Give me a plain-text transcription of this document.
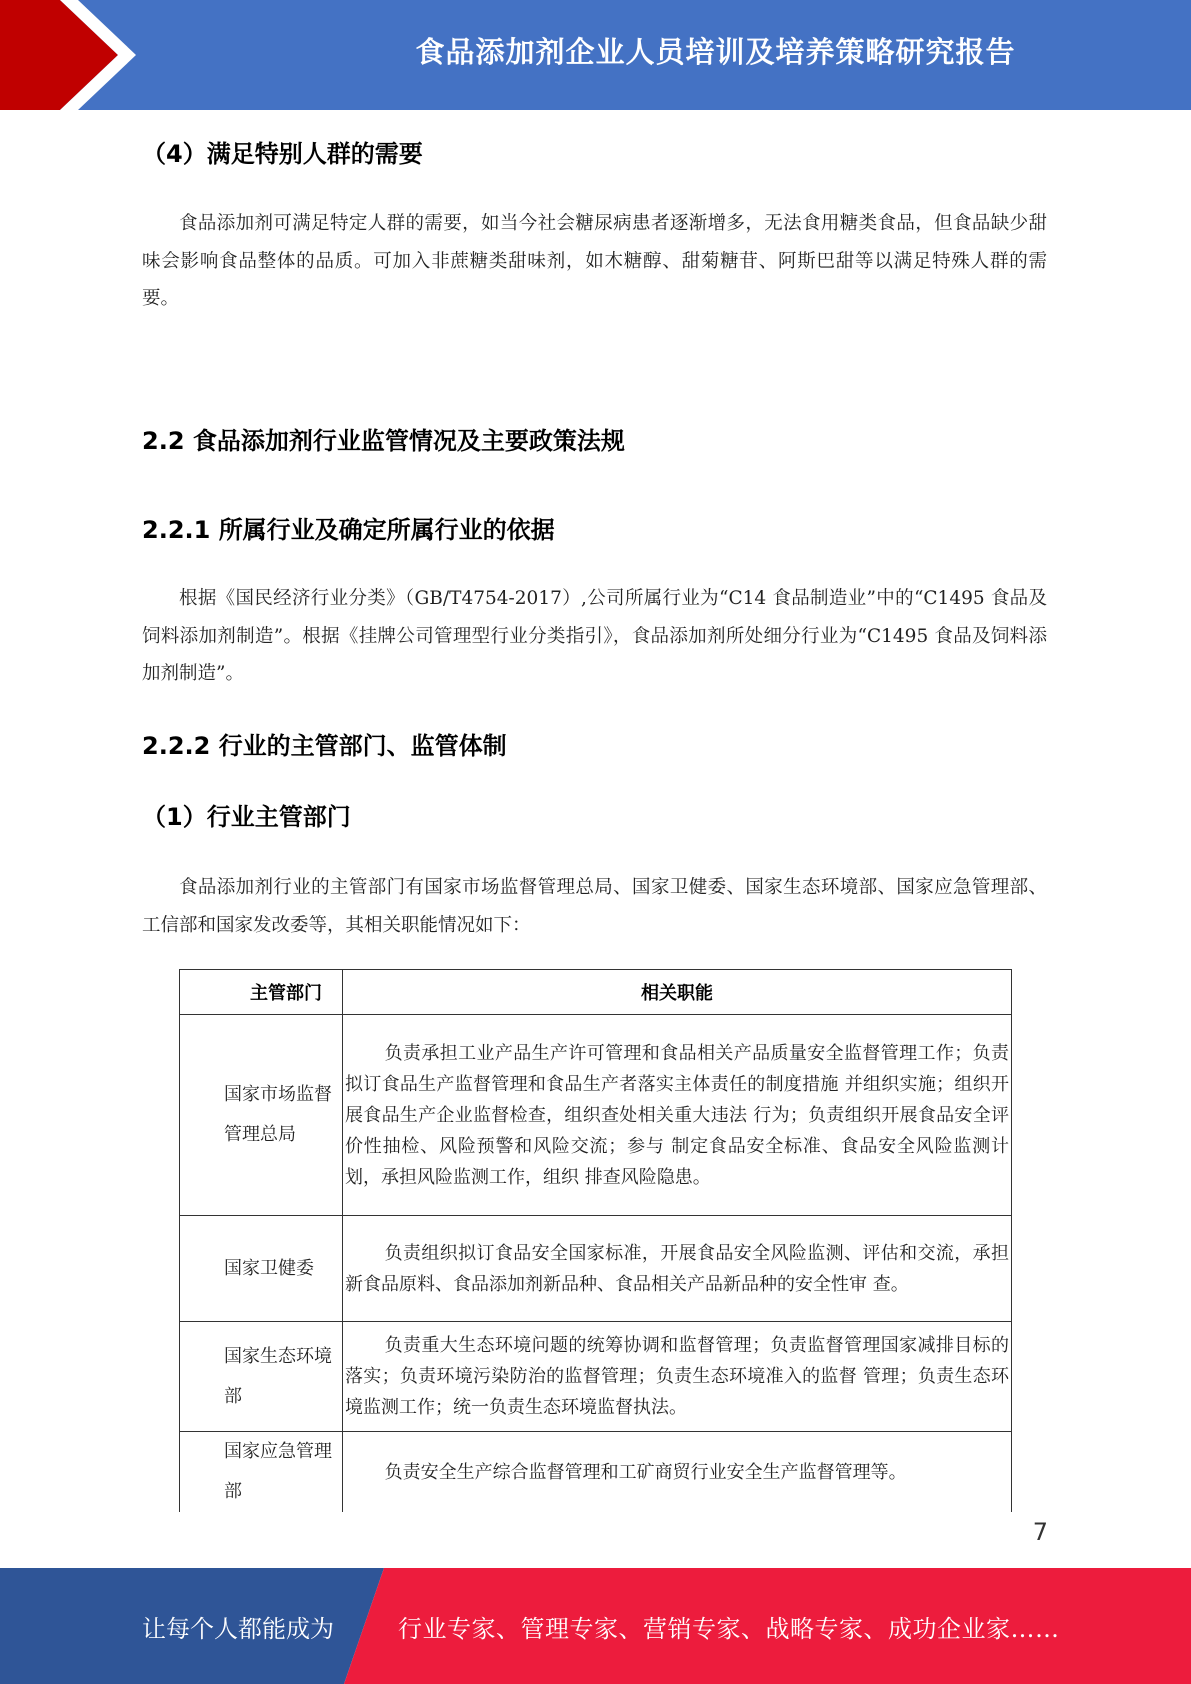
食品添加剂企业人员培训及培养策略研究报告
（4）满足特别人群的需要
食品添加剂可满足特定人群的需要，如当今社会糖尿病患者逐渐增多，无法食用糖类食品，但食品缺少甜味会影响食品整体的品质。可加入非蔗糖类甜味剂，如木糖醇、甜菊糖苷、阿斯巴甜等以满足特殊人群的需要。
2.2 食品添加剂行业监管情况及主要政策法规
2.2.1 所属行业及确定所属行业的依据
根据《国民经济行业分类》（GB/T4754-2017）,公司所属行业为“C14 食品制造业”中的“C1495 食品及饲料添加剂制造”。根据《挂牌公司管理型行业分类指引》，食品添加剂所处细分行业为“C1495 食品及饲料添加剂制造”。
2.2.2 行业的主管部门、监管体制
（1）行业主管部门
食品添加剂行业的主管部门有国家市场监督管理总局、国家卫健委、国家生态环境部、国家应急管理部、工信部和国家发改委等，其相关职能情况如下：
主管部门	相关职能
国家市场监督管理总局	负责承担工业产品生产许可管理和食品相关产品质量安全监督管理工作；负责拟订食品生产监督管理和食品生产者落实主体责任的制度措施 并组织实施；组织开展食品生产企业监督检查，组织查处相关重大违法 行为；负责组织开展食品安全评价性抽检、风险预警和风险交流；参与 制定食品安全标准、食品安全风险监测计划，承担风险监测工作，组织 排查风险隐患。
国家卫健委	负责组织拟订食品安全国家标准，开展食品安全风险监测、评估和交流，承担新食品原料、食品添加剂新品种、食品相关产品新品种的安全性审 查。
国家生态环境部	负责重大生态环境问题的统筹协调和监督管理；负责监督管理国家减排目标的落实；负责环境污染防治的监督管理；负责生态环境准入的监督 管理；负责生态环境监测工作；统一负责生态环境监督执法。
国家应急管理部	负责安全生产综合监督管理和工矿商贸行业安全生产监督管理等。
7
让每个人都能成为	行业专家、管理专家、营销专家、战略专家、成功企业家……
